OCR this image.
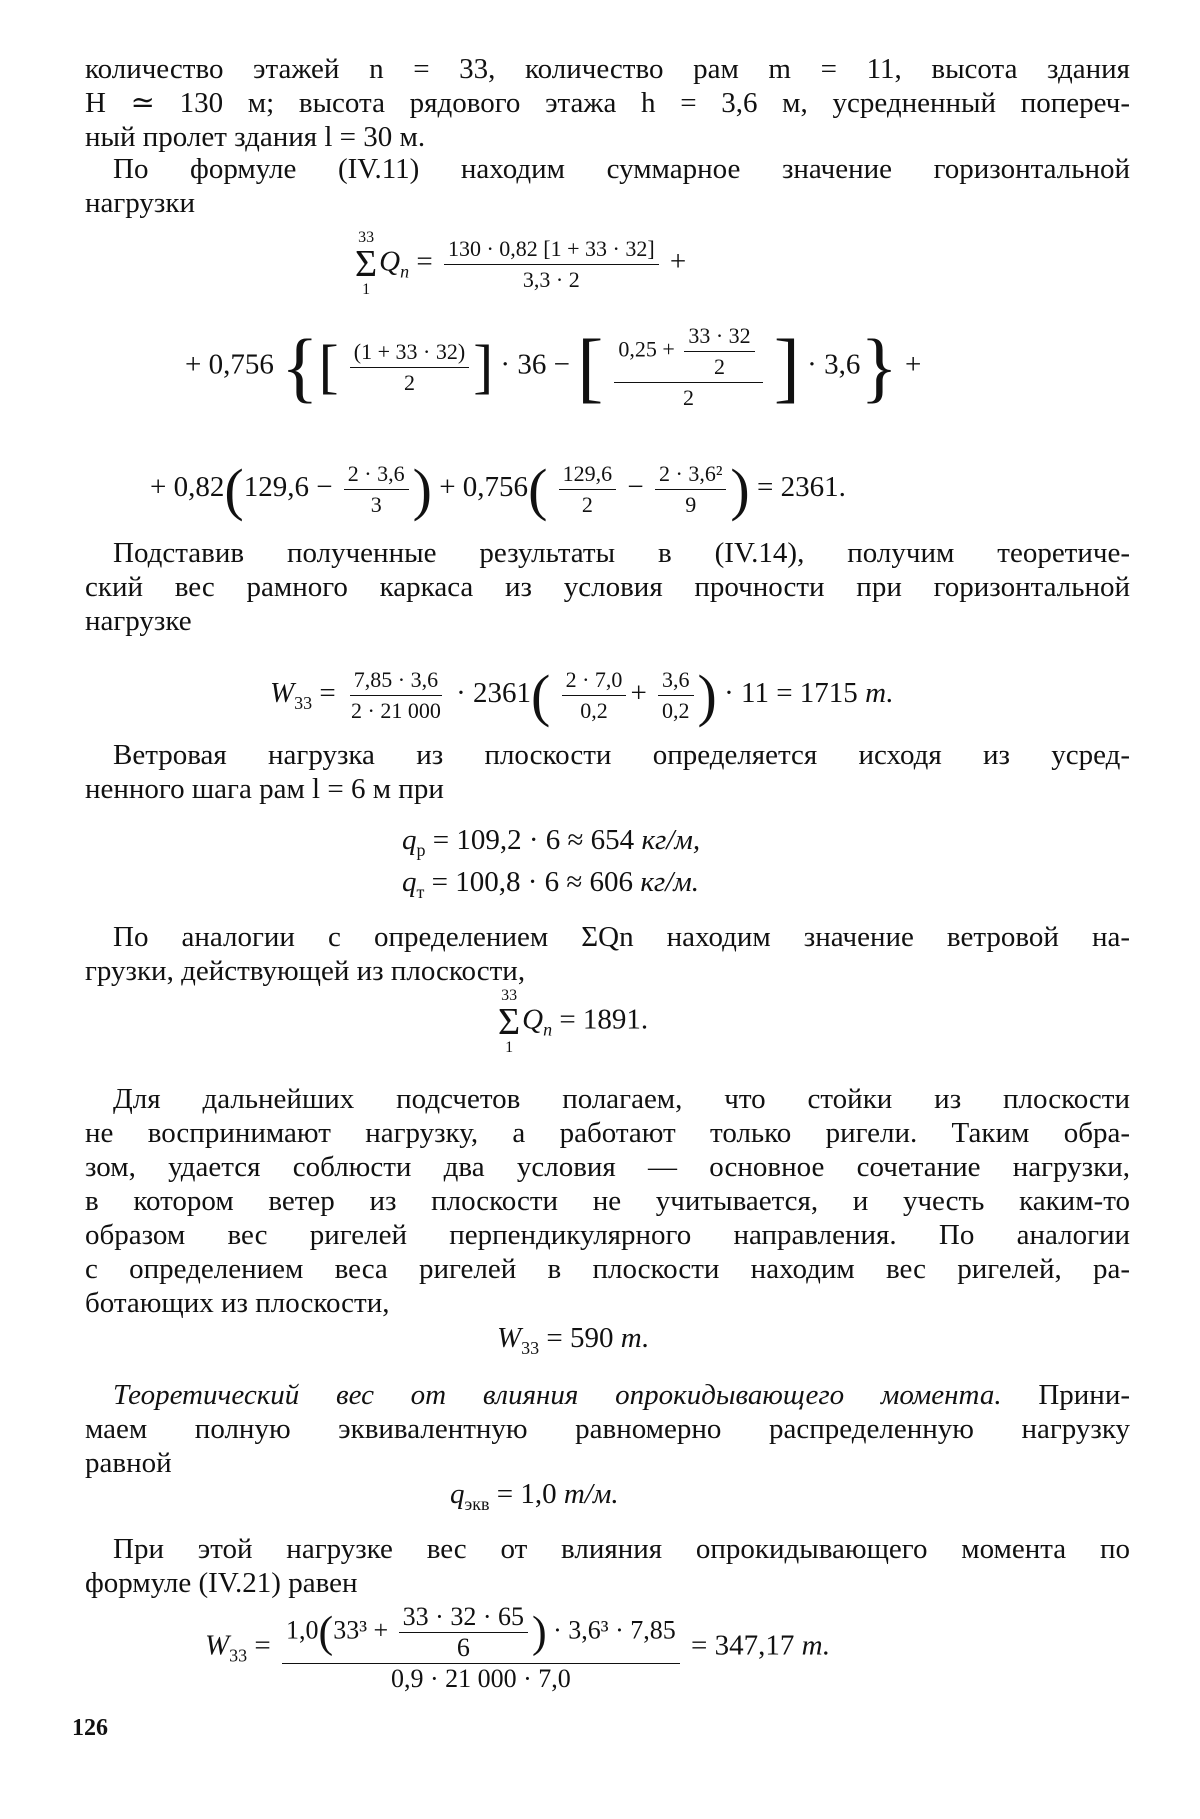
количество этажей n = 33, количество рам m = 11, высота здания
H ≃ 130 м; высота рядового этажа h = 3,6 м, усредненный попереч-
ный пролет здания l = 30 м.
По формуле (IV.11) находим суммарное значение горизонтальной
нагрузки
33
Σ
1
$Q_n = \frac{130 \cdot 0,82 [1 + 33 \cdot 32]}{3,3 \cdot 2}$ +
+ 0,756 {[ $\frac{(1 + 33 \cdot 32)}{2}$ ] · 36 − [ $\frac{0,25 + \frac{33 \cdot 32}{2}}{2}$ ] · 3,6} +
+ $0,82(129,6 - \frac{2 \cdot 3,6}{3}$ ) + $0,756( \frac{129,6}{2} - \frac{\text{2 · 3,6²}}{9}$ ) = 2361.
Подставив полученные результаты в (IV.14), получим теоретиче-
ский вес рамного каркаса из условия прочности при горизонтальной
нагрузке
$W_{33} = \frac{7,85 \cdot 3,6}{2 \cdot 21 000} \cdot 2361( \frac{2 \cdot 7,0}{0,2} + \frac{3,6}{0,2}$ ) · 11 = 1715 т.
Ветровая нагрузка из плоскости определяется исходя из усред-
ненного шага рам l = 6 м при
$q_р = 109,2 \cdot 6 \approx 654$ кг/м,
$q_т = 100,8 \cdot 6 \approx 606$ кг/м.
По аналогии с определением ΣQn находим значение ветровой на-
грузки, действующей из плоскости,
33
Σ
1
$Q_n = 1891$.
Для дальнейших подсчетов полагаем, что стойки из плоскости
не воспринимают нагрузку, а работают только ригели. Таким обра-
зом, удается соблюсти два условия — основное сочетание нагрузки,
в котором ветер из плоскости не учитывается, и учесть каким-то
образом вес ригелей перпендикулярного направления. По аналогии
с определением веса ригелей в плоскости находим вес ригелей, ра-
ботающих из плоскости,
$W_{33} = 590$ т.
Теоретический вес от влияния опрокидывающего момента. Прини-
маем полную эквивалентную равномерно распределенную нагрузку
равной
$q_{экв} = 1,0$ т/м.
При этой нагрузке вес от влияния опрокидывающего момента по
формуле (IV.21) равен
$W_{33} = 1,0(33^3 + \frac{33 \cdot 32 \cdot 65}{6}$ ) · 3,6³ · 7,85
0,9 · 21 000 · 7,0
= 347,17 т.
126
